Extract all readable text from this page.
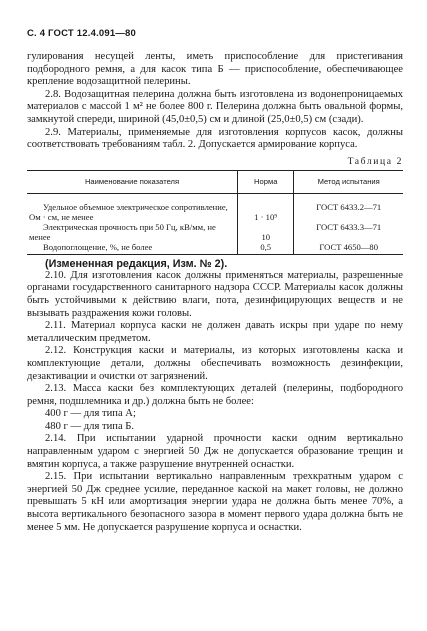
С. 4 ГОСТ 12.4.091—80

гулирования несущей ленты, иметь приспособление для пристегивания подбородного ремня, а для касок типа Б — приспособление, обеспечивающее крепление водозащитной пелерины.

2.8. Водозащитная пелерина должна быть изготовлена из водонепроницаемых материалов с массой 1 м² не более 800 г. Пелерина должна быть овальной формы, замкнутой спереди, шириной (45,0±0,5) см и длиной (25,0±0,5) см (сзади).

2.9. Материалы, применяемые для изготовления корпусов касок, должны соответствовать требованиям табл. 2. Допускается армирование корпуса.

Таблица 2
Наименование показателя	Норма	Метод испытания
Удельное объемное электрическое сопротивление, Ом · см, не менее	1 · 10⁹	ГОСТ 6433.2—71
Электрическая прочность при 50 Гц, кВ/мм, не менее	10	ГОСТ 6433.3—71
Водопоглощение, %, не более	0,5	ГОСТ 4650—80
(Измененная редакция, Изм. № 2).

2.10. Для изготовления касок должны применяться материалы, разрешенные органами государственного санитарного надзора СССР. Материалы касок должны быть устойчивыми к действию влаги, пота, дезинфицирующих веществ и не вызывать раздражения кожи головы.

2.11. Материал корпуса каски не должен давать искры при ударе по нему металлическим предметом.

2.12. Конструкция каски и материалы, из которых изготовлены каска и комплектующие детали, должны обеспечивать возможность дезинфекции, дезактивации и очистки от загрязнений.

2.13. Масса каски без комплектующих деталей (пелерины, подбородного ремня, подшлемника и др.) должна быть не более:

400 г — для типа А;

480 г — для типа Б.

2.14. При испытании ударной прочности каски одним вертикально направленным ударом с энергией 50 Дж не допускается образование трещин и вмятин корпуса, а также разрушение внутренней оснастки.

2.15. При испытании вертикально направленным трехкратным ударом с энергией 50 Дж среднее усилие, переданное каской на макет головы, не должно превышать 5 кН или амортизация энергии удара не должна быть менее 70%, а высота вертикального безопасного зазора в момент первого удара должна быть не менее 5 мм. Не допускается разрушение корпуса и оснастки.
